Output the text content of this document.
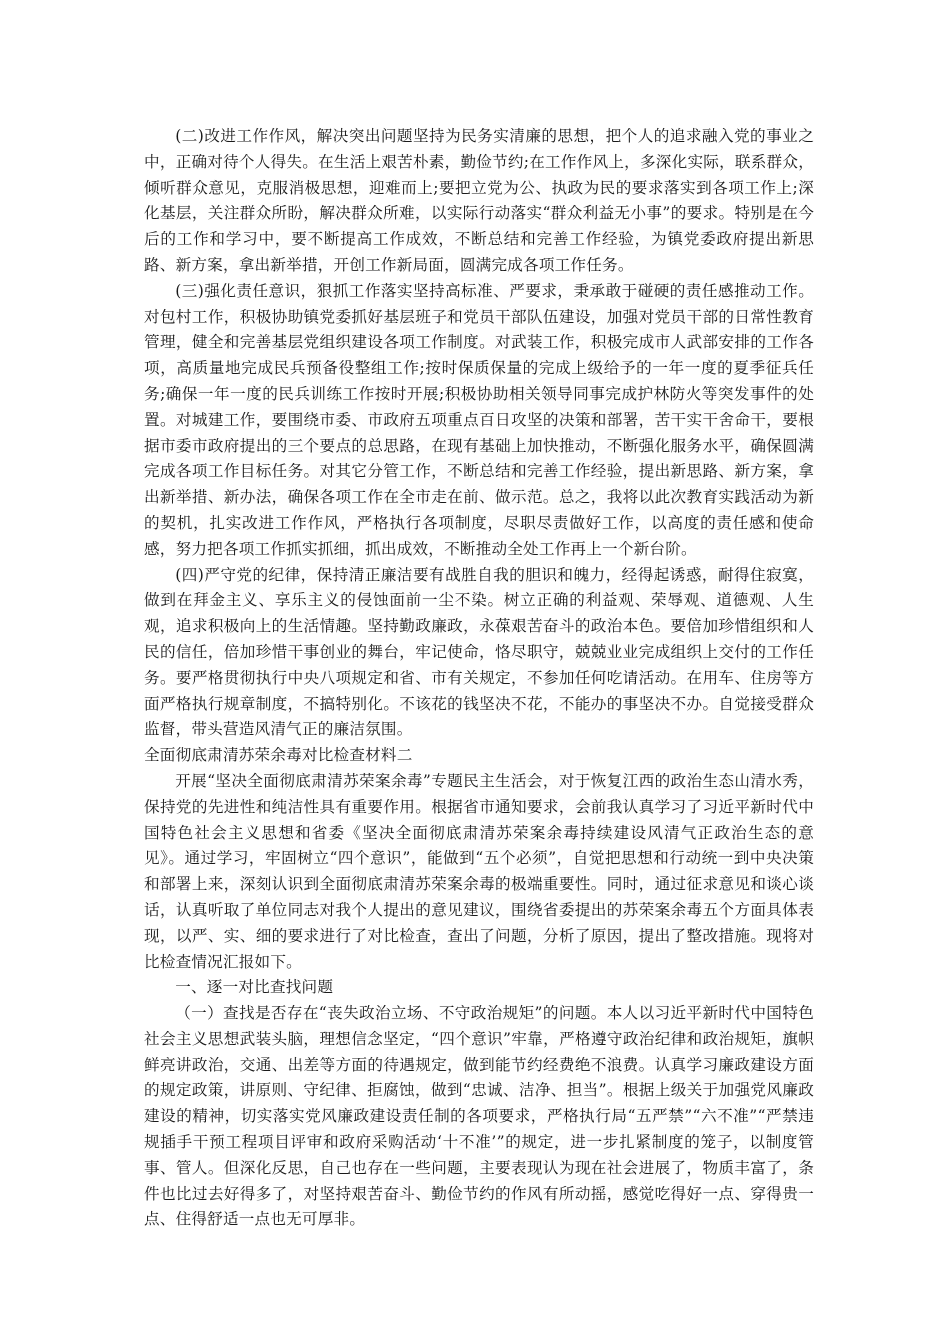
(二)改进工作作风，解决突出问题坚持为民务实清廉的思想，把个人的追求融入党的事业之中，正确对待个人得失。在生活上艰苦朴素，勤俭节约;在工作作风上，多深化实际，联系群众，倾听群众意见，克服消极思想，迎难而上;要把立党为公、执政为民的要求落实到各项工作上;深化基层，关注群众所盼，解决群众所难，以实际行动落实“群众利益无小事”的要求。特别是在今后的工作和学习中，要不断提高工作成效，不断总结和完善工作经验，为镇党委政府提出新思路、新方案，拿出新举措，开创工作新局面，圆满完成各项工作任务。

(三)强化责任意识，狠抓工作落实坚持高标准、严要求，秉承敢于碰硬的责任感推动工作。对包村工作，积极协助镇党委抓好基层班子和党员干部队伍建设，加强对党员干部的日常性教育管理，健全和完善基层党组织建设各项工作制度。对武装工作，积极完成市人武部安排的工作各项，高质量地完成民兵预备役整组工作;按时保质保量的完成上级给予的一年一度的夏季征兵任务;确保一年一度的民兵训练工作按时开展;积极协助相关领导同事完成护林防火等突发事件的处置。对城建工作，要围绕市委、市政府五项重点百日攻坚的决策和部署，苦干实干舍命干，要根据市委市政府提出的三个要点的总思路，在现有基础上加快推动，不断强化服务水平，确保圆满完成各项工作目标任务。对其它分管工作，不断总结和完善工作经验，提出新思路、新方案，拿出新举措、新办法，确保各项工作在全市走在前、做示范。总之，我将以此次教育实践活动为新的契机，扎实改进工作作风，严格执行各项制度，尽职尽责做好工作，以高度的责任感和使命感，努力把各项工作抓实抓细，抓出成效，不断推动全处工作再上一个新台阶。

(四)严守党的纪律，保持清正廉洁要有战胜自我的胆识和魄力，经得起诱惑，耐得住寂寞，做到在拜金主义、享乐主义的侵蚀面前一尘不染。树立正确的利益观、荣辱观、道德观、人生观，追求积极向上的生活情趣。坚持勤政廉政，永葆艰苦奋斗的政治本色。要倍加珍惜组织和人民的信任，倍加珍惜干事创业的舞台，牢记使命，恪尽职守，兢兢业业完成组织上交付的工作任务。要严格贯彻执行中央八项规定和省、市有关规定，不参加任何吃请活动。在用车、住房等方面严格执行规章制度，不搞特别化。不该花的钱坚决不花，不能办的事坚决不办。自觉接受群众监督，带头营造风清气正的廉洁氛围。

全面彻底肃清苏荣余毒对比检查材料二

开展“坚决全面彻底肃清苏荣案余毒”专题民主生活会，对于恢复江西的政治生态山清水秀，保持党的先进性和纯洁性具有重要作用。根据省市通知要求，会前我认真学习了习近平新时代中国特色社会主义思想和省委《坚决全面彻底肃清苏荣案余毒持续建设风清气正政治生态的意见》。通过学习，牢固树立“四个意识”，能做到“五个必须”，自觉把思想和行动统一到中央决策和部署上来，深刻认识到全面彻底肃清苏荣案余毒的极端重要性。同时，通过征求意见和谈心谈话，认真听取了单位同志对我个人提出的意见建议，围绕省委提出的苏荣案余毒五个方面具体表现，以严、实、细的要求进行了对比检查，查出了问题，分析了原因，提出了整改措施。现将对比检查情况汇报如下。

一、逐一对比查找问题

（一）查找是否存在“丧失政治立场、不守政治规矩”的问题。本人以习近平新时代中国特色社会主义思想武装头脑，理想信念坚定，“四个意识”牢靠，严格遵守政治纪律和政治规矩，旗帜鲜亮讲政治，交通、出差等方面的待遇规定，做到能节约经费绝不浪费。认真学习廉政建设方面的规定政策，讲原则、守纪律、拒腐蚀，做到“忠诚、洁净、担当”。根据上级关于加强党风廉政建设的精神，切实落实党风廉政建设责任制的各项要求，严格执行局“五严禁”“六不准”“严禁违规插手干预工程项目评审和政府采购活动‘十不准’”的规定，进一步扎紧制度的笼子，以制度管事、管人。但深化反思，自己也存在一些问题，主要表现认为现在社会进展了，物质丰富了，条件也比过去好得多了，对坚持艰苦奋斗、勤俭节约的作风有所动摇，感觉吃得好一点、穿得贵一点、住得舒适一点也无可厚非。
